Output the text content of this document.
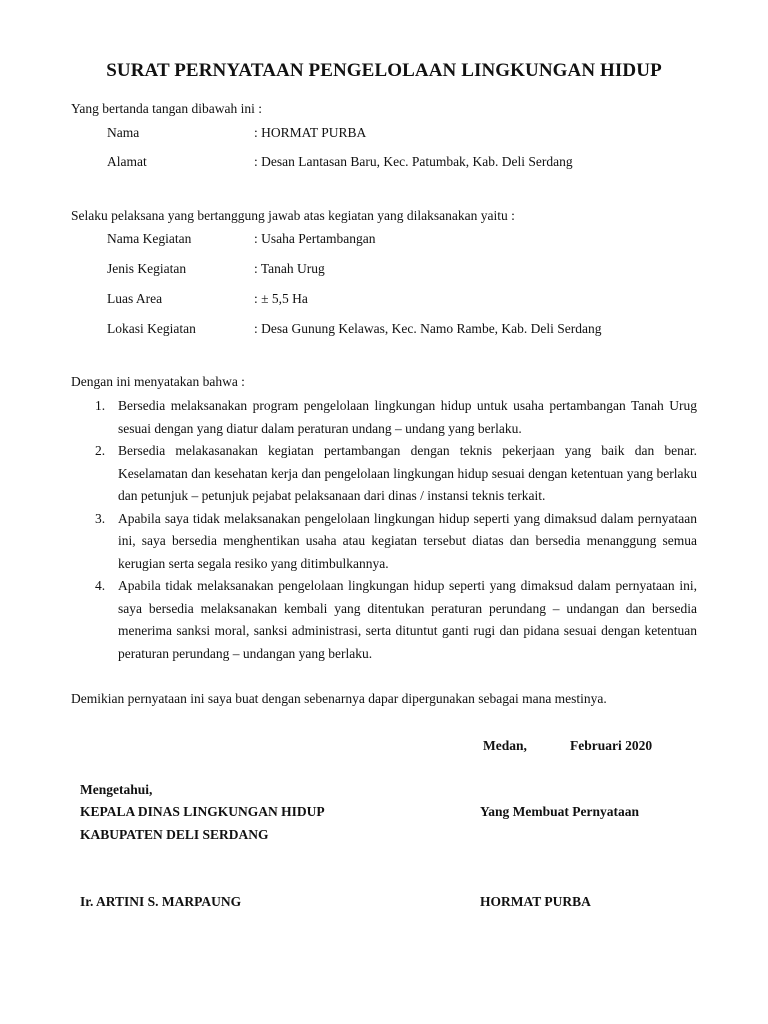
SURAT PERNYATAAN PENGELOLAAN LINGKUNGAN HIDUP
Yang bertanda tangan dibawah ini :
Nama	: HORMAT PURBA
Alamat	: Desan Lantasan Baru, Kec. Patumbak, Kab. Deli Serdang
Selaku pelaksana yang bertanggung jawab atas kegiatan yang dilaksanakan yaitu :
Nama Kegiatan	: Usaha Pertambangan
Jenis Kegiatan	: Tanah Urug
Luas Area	: ± 5,5 Ha
Lokasi Kegiatan	: Desa Gunung Kelawas, Kec. Namo Rambe, Kab. Deli Serdang
Dengan ini menyatakan bahwa :
1. Bersedia melaksanakan program pengelolaan lingkungan hidup untuk usaha pertambangan Tanah Urug sesuai dengan yang diatur dalam peraturan undang – undang yang berlaku.
2. Bersedia melakasanakan kegiatan pertambangan dengan teknis pekerjaan yang baik dan benar. Keselamatan dan kesehatan kerja dan pengelolaan lingkungan hidup sesuai dengan ketentuan yang berlaku dan petunjuk – petunjuk pejabat pelaksanaan dari dinas / instansi teknis terkait.
3. Apabila saya tidak melaksanakan pengelolaan lingkungan hidup seperti yang dimaksud dalam pernyataan ini, saya bersedia menghentikan usaha atau kegiatan tersebut diatas dan bersedia menanggung semua kerugian serta segala resiko yang ditimbulkannya.
4. Apabila tidak melaksanakan pengelolaan lingkungan hidup seperti yang dimaksud dalam pernyataan ini, saya bersedia melaksanakan kembali yang ditentukan peraturan perundang – undangan dan bersedia menerima sanksi moral, sanksi administrasi, serta dituntut ganti rugi dan pidana sesuai dengan ketentuan peraturan perundang – undangan yang berlaku.
Demikian pernyataan ini saya buat dengan sebenarnya dapar dipergunakan sebagai mana mestinya.
Medan,	Februari 2020
Mengetahui,
KEPALA DINAS LINGKUNGAN HIDUP	Yang Membuat Pernyataan
KABUPATEN DELI SERDANG
Ir. ARTINI S. MARPAUNG	HORMAT PURBA
